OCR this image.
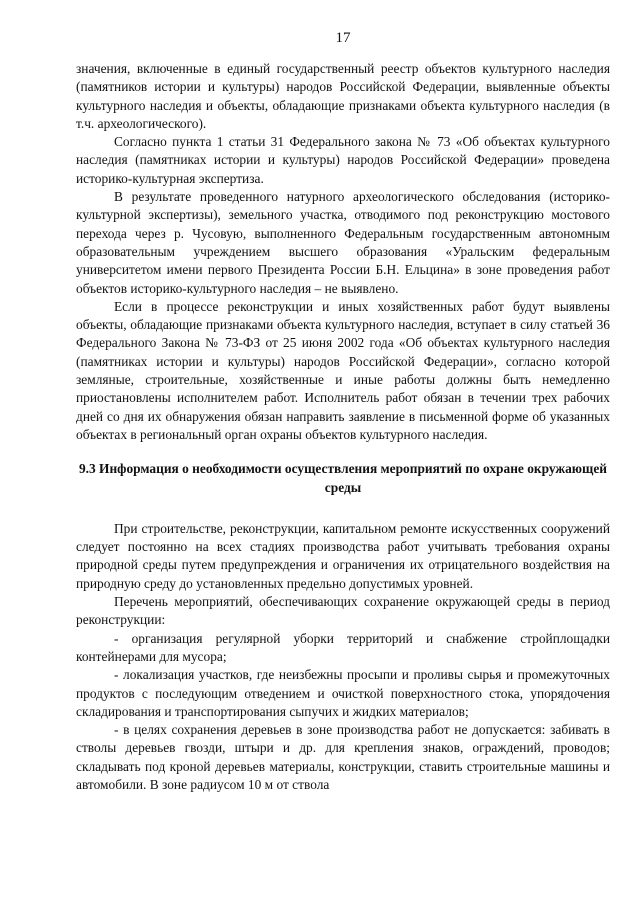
17

значения, включенные в единый государственный реестр объектов культурного наследия (памятников истории и культуры) народов Российской Федерации, выявленные объекты культурного наследия и объекты, обладающие признаками объекта культурного наследия (в т.ч. археологического).

Согласно пункта 1 статьи 31 Федерального закона № 73 «Об объектах культурного наследия (памятниках истории и культуры) народов Российской Федерации» проведена историко-культурная экспертиза.

В результате проведенного натурного археологического обследования (историко-культурной экспертизы), земельного участка, отводимого под реконструкцию мостового перехода через р. Чусовую, выполненного Федеральным государственным автономным образовательным учреждением высшего образования «Уральским федеральным университетом имени первого Президента России Б.Н. Ельцина» в зоне проведения работ объектов историко-культурного наследия – не выявлено.

Если в процессе реконструкции и иных хозяйственных работ будут выявлены объекты, обладающие признаками объекта культурного наследия, вступает в силу статьей 36 Федерального Закона № 73-ФЗ от 25 июня 2002 года «Об объектах культурного наследия (памятниках истории и культуры) народов Российской Федерации», согласно которой земляные, строительные, хозяйственные и иные работы должны быть немедленно приостановлены исполнителем работ. Исполнитель работ обязан в течении трех рабочих дней со дня их обнаружения обязан направить заявление в письменной форме об указанных объектах в региональный орган охраны объектов культурного наследия.

9.3 Информация о необходимости осуществления мероприятий по охране окружающей среды

При строительстве, реконструкции, капитальном ремонте искусственных сооружений следует постоянно на всех стадиях производства работ учитывать требования охраны природной среды путем предупреждения и ограничения их отрицательного воздействия на природную среду до установленных предельно допустимых уровней.

Перечень мероприятий, обеспечивающих сохранение окружающей среды в период реконструкции:

- организация регулярной уборки территорий и снабжение стройплощадки контейнерами для мусора;

- локализация участков, где неизбежны просыпи и проливы сырья и промежуточных продуктов с последующим отведением и очисткой поверхностного стока, упорядочения складирования и транспортирования сыпучих и жидких материалов;

- в целях сохранения деревьев в зоне производства работ не допускается: забивать в стволы деревьев гвозди, штыри и др. для крепления знаков, ограждений, проводов; складывать под кроной деревьев материалы, конструкции, ставить строительные машины и автомобили. В зоне радиусом 10 м от ствола
